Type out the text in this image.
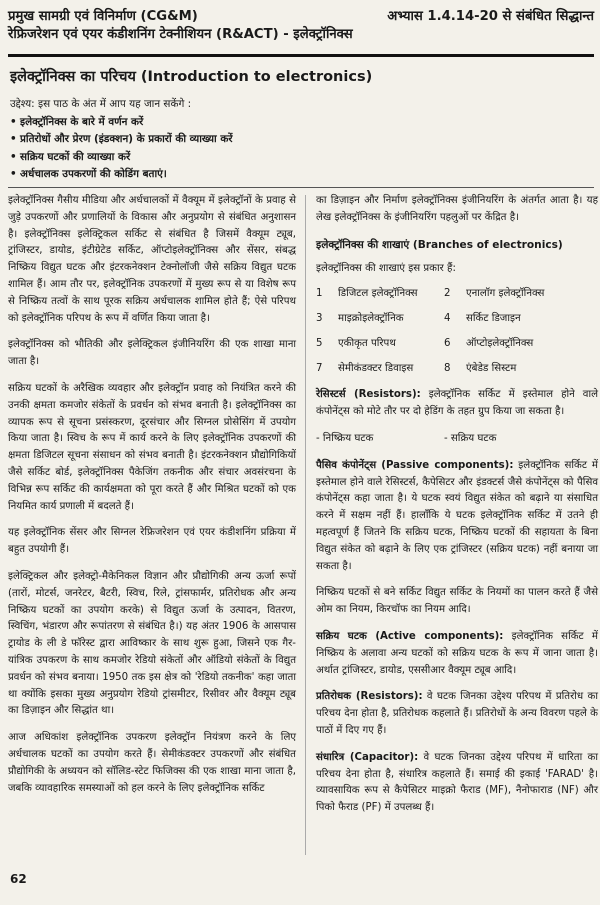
प्रमुख सामग्री एवं विनिर्माण (CG&M)	अभ्यास 1.4.14-20 से संबंधित सिद्धान्त
रेफ्रिजरेशन एवं एयर कंडीशनिंग टेक्नीशियन (R&ACT) - इलेक्ट्रॉनिक्स
इलेक्ट्रॉनिक्स का परिचय (Introduction to electronics)
उद्देश्य: इस पाठ के अंत में आप यह जान सकेंगे :
• इलेक्ट्रॉनिक्स के बारे में वर्णन करें
• प्रतिरोधों और प्रेरण (इंडक्शन) के प्रकारों की व्याख्या करें
• सक्रिय घटकों की व्याख्या करें
• अर्धचालक उपकरणों की कोडिंग बताएं।

इलेक्ट्रॉनिक्स गैसीय मीडिया और अर्धचालकों में वैक्यूम में इलेक्ट्रॉनों के प्रवाह से जुड़े उपकरणों और प्रणालियों के विकास और अनुप्रयोग से संबंधित अनुशासन है। इलेक्ट्रॉनिक्स इलेक्ट्रिकल सर्किट से संबंधित है जिसमें वैक्यूम ट्यूब, ट्रांजिस्टर, डायोड, इंटीग्रेटेड सर्किट, ऑप्टोइलेक्ट्रॉनिक्स और सेंसर, संबद्ध निष्क्रिय विद्युत घटक और इंटरकनेक्शन टेक्नोलॉजी जैसे सक्रिय विद्युत घटक शामिल हैं। आम तौर पर, इलेक्ट्रॉनिक उपकरणों में मुख्य रूप से या विशेष रूप से निष्क्रिय तत्वों के साथ पूरक सक्रिय अर्धचालक शामिल होते हैं; ऐसे परिपथ को इलेक्ट्रॉनिक परिपथ के रूप में वर्णित किया जाता है।

इलेक्ट्रॉनिक्स को भौतिकी और इलेक्ट्रिकल इंजीनियरिंग की एक शाखा माना जाता है।

सक्रिय घटकों के अरैखिक व्यवहार और इलेक्ट्रॉन प्रवाह को नियंत्रित करने की उनकी क्षमता कमजोर संकेतों के प्रवर्धन को संभव बनाती है। इलेक्ट्रॉनिक्स का व्यापक रूप से सूचना प्रसंस्करण, दूरसंचार और सिग्नल प्रोसेसिंग में उपयोग किया जाता है। स्विच के रूप में कार्य करने के लिए इलेक्ट्रॉनिक उपकरणों की क्षमता डिजिटल सूचना संसाधन को संभव बनाती है। इंटरकनेक्शन प्रौद्योगिकियों जैसे सर्किट बोर्ड, इलेक्ट्रॉनिक्स पैकेजिंग तकनीक और संचार अवसंरचना के विभिन्न रूप सर्किट की कार्यक्षमता को पूरा करते हैं और मिश्रित घटकों को एक नियमित कार्य प्रणाली में बदलते हैं।

यह इलेक्ट्रॉनिक सेंसर और सिग्नल रेफ्रिजरेशन एवं एयर कंडीशनिंग प्रक्रिया में बहुत उपयोगी हैं।

इलेक्ट्रिकल और इलेक्ट्रो-मैकेनिकल विज्ञान और प्रौद्योगिकी अन्य ऊर्जा रूपों (तारों, मोटर्स, जनरेटर, बैटरी, स्विच, रिले, ट्रांसफार्मर, प्रतिरोधक और अन्य निष्क्रिय घटकों का उपयोग करके) से विद्युत ऊर्जा के उत्पादन, वितरण, स्विचिंग, भंडारण और रूपांतरण से संबंधित है।) यह अंतर 1906 के आसपास ट्रायोड के ली डे फॉरेस्ट द्वारा आविष्कार के साथ शुरू हुआ, जिसने एक गैर-यांत्रिक उपकरण के साथ कमजोर रेडियो संकेतों और ऑडियो संकेतों के विद्युत प्रवर्धन को संभव बनाया। 1950 तक इस क्षेत्र को 'रेडियो तकनीक' कहा जाता था क्योंकि इसका मुख्य अनुप्रयोग रेडियो ट्रांसमीटर, रिसीवर और वैक्यूम ट्यूब का डिज़ाइन और सिद्धांत था।

आज अधिकांश इलेक्ट्रॉनिक उपकरण इलेक्ट्रॉन नियंत्रण करने के लिए अर्धचालक घटकों का उपयोग करते हैं। सेमीकंडक्टर उपकरणों और संबंधित प्रौद्योगिकी के अध्ययन को सॉलिड-स्टेट फिजिक्स की एक शाखा माना जाता है, जबकि व्यावहारिक समस्याओं को हल करने के लिए इलेक्ट्रॉनिक सर्किट

का डिज़ाइन और निर्माण इलेक्ट्रॉनिक्स इंजीनियरिंग के अंतर्गत आता है। यह लेख इलेक्ट्रॉनिक्स के इंजीनियरिंग पहलुओं पर केंद्रित है।

इलेक्ट्रॉनिक्स की शाखाएं (Branches of electronics)
इलेक्ट्रॉनिक्स की शाखाएं इस प्रकार हैं:
1 डिजिटल इलेक्ट्रॉनिक्स	2 एनालॉग इलेक्ट्रॉनिक्स
3 माइक्रोइलेक्ट्रॉनिक	4 सर्किट डिजाइन
5 एकीकृत परिपथ	6 ऑप्टोइलेक्ट्रॉनिक्स
7 सेमीकंडक्टर डिवाइस	8 एंबेडेड सिस्टम

रेसिस्टर्स (Resistors): इलेक्ट्रॉनिक सर्किट में इस्तेमाल होने वाले कंपोनेंट्स को मोटे तौर पर दो हेडिंग के तहत ग्रुप किया जा सकता है।

- निष्क्रिय घटक	- सक्रिय घटक

पैसिव कंपोनेंट्स (Passive components): इलेक्ट्रॉनिक सर्किट में इस्तेमाल होने वाले रेसिस्टर्स, कैपेसिटर और इंडक्टर्स जैसे कंपोनेंट्स को पैसिव कंपोनेंट्स कहा जाता है। ये घटक स्वयं विद्युत संकेत को बढ़ाने या संसाधित करने में सक्षम नहीं हैं। हालाँकि ये घटक इलेक्ट्रॉनिक सर्किट में उतने ही महत्वपूर्ण हैं जितने कि सक्रिय घटक, निष्क्रिय घटकों की सहायता के बिना विद्युत संकेत को बढ़ाने के लिए एक ट्रांजिस्टर (सक्रिय घटक) नहीं बनाया जा सकता है।

निष्क्रिय घटकों से बने सर्किट विद्युत सर्किट के नियमों का पालन करते हैं जैसे ओम का नियम, किरचॉफ का नियम आदि।

सक्रिय घटक (Active components): इलेक्ट्रॉनिक सर्किट में निष्क्रिय के अलावा अन्य घटकों को सक्रिय घटक के रूप में जाना जाता है। अर्थात ट्रांजिस्टर, डायोड, एससीआर वैक्यूम ट्यूब आदि।

प्रतिरोधक (Resistors): वे घटक जिनका उद्देश्य परिपथ में प्रतिरोध का परिचय देना होता है, प्रतिरोधक कहलाते हैं। प्रतिरोधों के अन्य विवरण पहले के पाठों में दिए गए हैं।

संधारित्र (Capacitor): वे घटक जिनका उद्देश्य परिपथ में धारिता का परिचय देना होता है, संधारित्र कहलाते हैं। समाई की इकाई 'FARAD' है। व्यावसायिक रूप से कैपेसिटर माइक्रो फैराड (MF), नैनोफाराड (NF) और पिको फैराड (PF) में उपलब्ध हैं।

62
